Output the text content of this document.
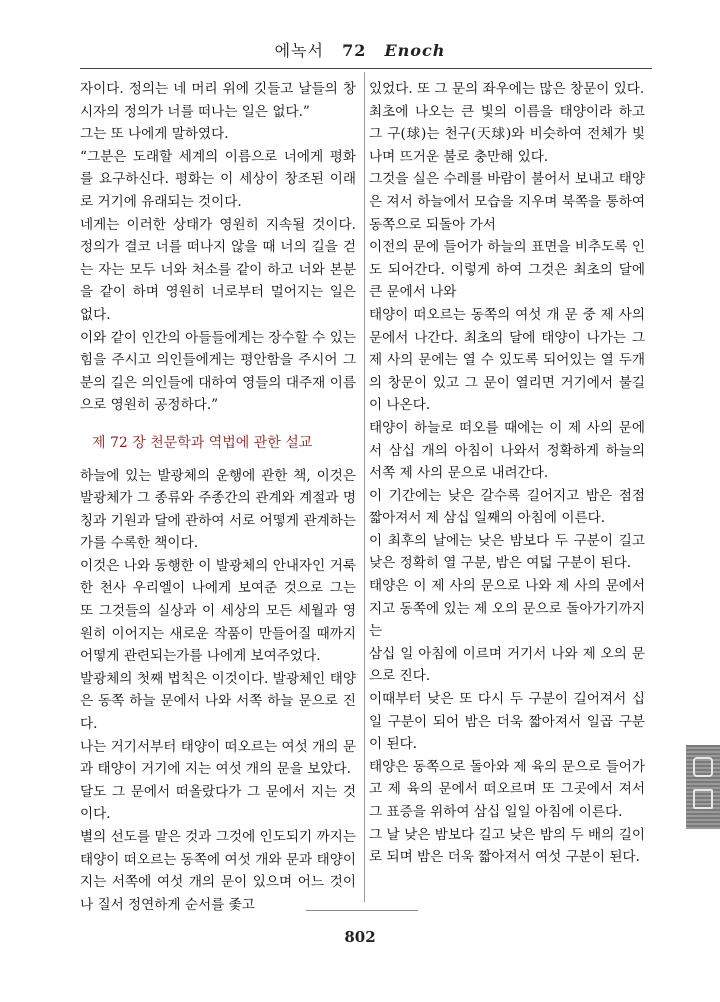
에녹서 72 Enoch

자이다. 정의는 네 머리 위에 깃들고 날들의 창시자의 정의가 너를 떠나는 일은 없다.”

그는 또 나에게 말하였다.

“그분은 도래할 세계의 이름으로 너에게 평화를 요구하신다. 평화는 이 세상이 창조된 이래로 거기에 유래되는 것이다.

네게는 이러한 상태가 영원히 지속될 것이다. 정의가 결코 너를 떠나지 않을 때 너의 길을 걷는 자는 모두 너와 처소를 같이 하고 너와 본분을 같이 하며 영원히 너로부터 멀어지는 일은 없다.

이와 같이 인간의 아들들에게는 장수할 수 있는 힘을 주시고 의인들에게는 평안함을 주시어 그분의 길은 의인들에 대하여 영들의 대주재 이름으로 영원히 공정하다.”

제 72 장 천문학과 역법에 관한 설교

하늘에 있는 발광체의 운행에 관한 책, 이것은 발광체가 그 종류와 주종간의 관계와 계절과 명칭과 기원과 달에 관하여 서로 어떻게 관계하는가를 수록한 책이다.

이것은 나와 동행한 이 발광체의 안내자인 거룩한 천사 우리엘이 나에게 보여준 것으로 그는 또 그것들의 실상과 이 세상의 모든 세월과 영원히 이어지는 새로운 작품이 만들어질 때까지 어떻게 관련되는가를 나에게 보여주었다.

발광체의 첫째 법칙은 이것이다. 발광체인 태양은 동쪽 하늘 문에서 나와 서쪽 하늘 문으로 진다.

나는 거기서부터 태양이 떠오르는 여섯 개의 문과 태양이 거기에 지는 여섯 개의 문을 보았다.

달도 그 문에서 떠올랐다가 그 문에서 지는 것이다.

별의 선도를 맡은 것과 그것에 인도되기 까지는 태양이 떠오르는 동쪽에 여섯 개와 문과 태양이 지는 서쪽에 여섯 개의 문이 있으며 어느 것이나 질서 정연하게 순서를 좇고

있었다. 또 그 문의 좌우에는 많은 창문이 있다.

최초에 나오는 큰 빛의 이름을 태양이라 하고 그 구(球)는 천구(天球)와 비슷하여 전체가 빛나며 뜨거운 불로 충만해 있다.

그것을 실은 수레를 바람이 불어서 보내고 태양은 져서 하늘에서 모습을 지우며 북쪽을 통하여 동쪽으로 되돌아 가서

이전의 문에 들어가 하늘의 표면을 비추도록 인도 되어간다. 이렇게 하여 그것은 최초의 달에 큰 문에서 나와

태양이 떠오르는 동쪽의 여섯 개 문 중 제 사의 문에서 나간다. 최초의 달에 태양이 나가는 그 제 사의 문에는 열 수 있도록 되어있는 열 두개의 창문이 있고 그 문이 열리면 거기에서 불길이 나온다.

태양이 하늘로 떠오를 때에는 이 제 사의 문에서 삼십 개의 아침이 나와서 정확하게 하늘의 서쪽 제 사의 문으로 내려간다.

이 기간에는 낮은 갈수록 길어지고 밤은 점점 짧아져서 제 삼십 일째의 아침에 이른다.

이 최후의 날에는 낮은 밤보다 두 구분이 길고 낮은 정확히 열 구분, 밤은 여덟 구분이 된다.

태양은 이 제 사의 문으로 나와 제 사의 문에서 지고 동쪽에 있는 제 오의 문으로 돌아가기까지는

삼십 일 아침에 이르며 거기서 나와 제 오의 문으로 진다.

이때부터 낮은 또 다시 두 구분이 길어져서 십일 구분이 되어 밤은 더욱 짧아져서 일곱 구분이 된다.

태양은 동쪽으로 돌아와 제 육의 문으로 들어가고 제 육의 문에서 떠오르며 또 그곳에서 져서 그 표증을 위하여 삼십 일일 아침에 이른다.

그 날 낮은 밤보다 길고 낮은 밤의 두 배의 길이로 되며 밤은 더욱 짧아져서 여섯 구분이 된다.

802
